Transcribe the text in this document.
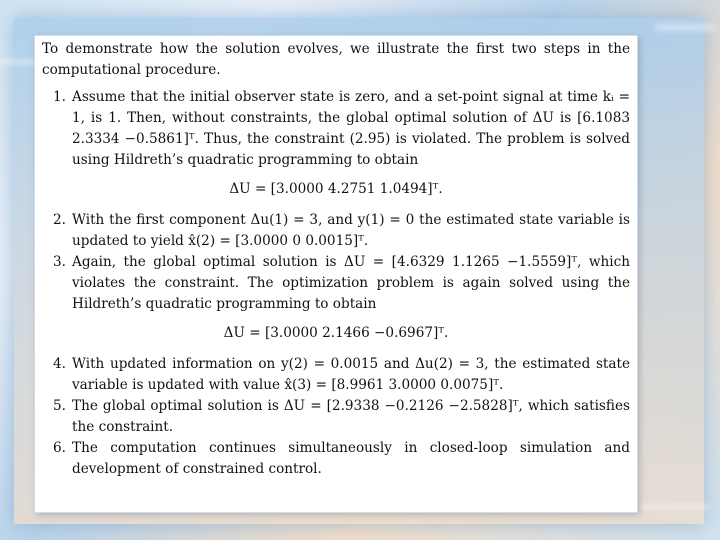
To demonstrate how the solution evolves, we illustrate the first two steps in the computational procedure.

1. Assume that the initial observer state is zero, and a set-point signal at time kᵢ = 1, is 1. Then, without constraints, the global optimal solution of ΔU is [6.1083 2.3334 −0.5861]ᵀ. Thus, the constraint (2.95) is violated. The problem is solved using Hildreth’s quadratic programming to obtain
ΔU = [3.0000 4.2751 1.0494]ᵀ.
2. With the first component Δu(1) = 3, and y(1) = 0 the estimated state variable is updated to yield x̂(2) = [3.0000 0 0.0015]ᵀ.
3. Again, the global optimal solution is ΔU = [4.6329 1.1265 −1.5559]ᵀ, which violates the constraint. The optimization problem is again solved using the Hildreth’s quadratic programming to obtain
ΔU = [3.0000 2.1466 −0.6967]ᵀ.
4. With updated information on y(2) = 0.0015 and Δu(2) = 3, the estimated state variable is updated with value x̂(3) = [8.9961 3.0000 0.0075]ᵀ.
5. The global optimal solution is ΔU = [2.9338 −0.2126 −2.5828]ᵀ, which satisfies the constraint.
6. The computation continues simultaneously in closed-loop simulation and development of constrained control.
